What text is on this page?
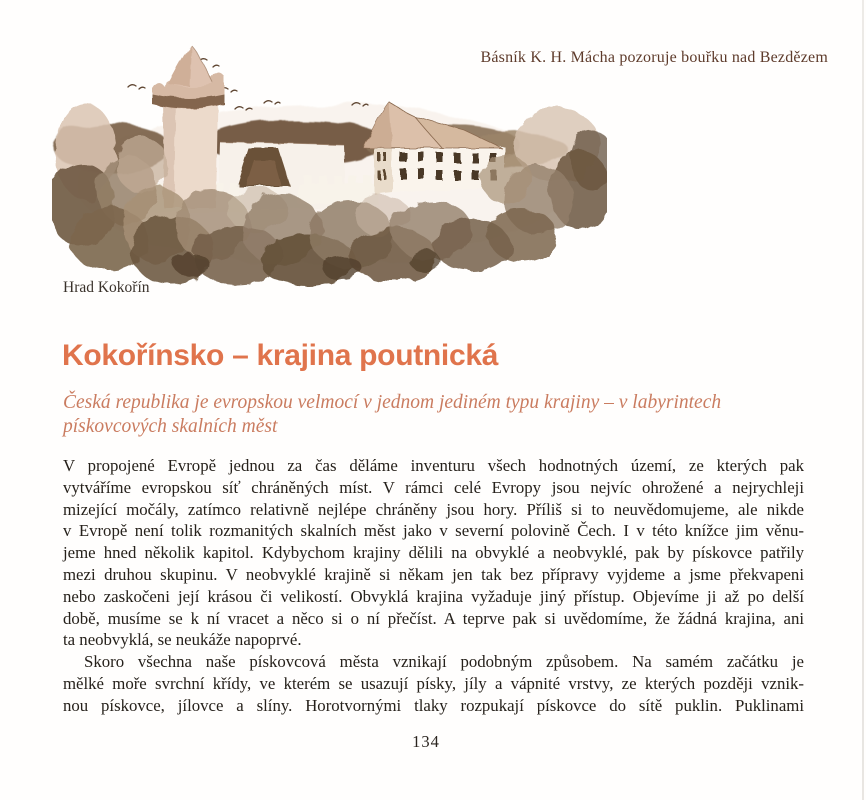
Básník K. H. Mácha pozoruje bouřku nad Bezdězem
Hrad Kokořín
Kokořínsko – krajina poutnická
Česká republika je evropskou velmocí v jednom jediném typu krajiny – v labyrintech
pískovcových skalních měst
V propojené Evropě jednou za čas děláme inventuru všech hodnotných území, ze kterých pak
vytváříme evropskou síť chráněných míst. V rámci celé Evropy jsou nejvíc ohrožené a nejrychleji
mizející močály, zatímco relativně nejlépe chráněny jsou hory. Příliš si to neuvědomujeme, ale nikde
v Evropě není tolik rozmanitých skalních měst jako v severní polovině Čech. I v této knížce jim věnu-
jeme hned několik kapitol. Kdybychom krajiny dělili na obvyklé a neobvyklé, pak by pískovce patřily
mezi druhou skupinu. V neobvyklé krajině si někam jen tak bez přípravy vyjdeme a jsme překvapeni
nebo zaskočeni její krásou či velikostí. Obvyklá krajina vyžaduje jiný přístup. Objevíme ji až po delší
době, musíme se k ní vracet a něco si o ní přečíst. A teprve pak si uvědomíme, že žádná krajina, ani
ta neobvyklá, se neukáže napoprvé.
Skoro všechna naše pískovcová města vznikají podobným způsobem. Na samém začátku je
mělké moře svrchní křídy, ve kterém se usazují písky, jíly a vápnité vrstvy, ze kterých později vznik-
nou pískovce, jílovce a slíny. Horotvornými tlaky rozpukají pískovce do sítě puklin. Puklinami
134
